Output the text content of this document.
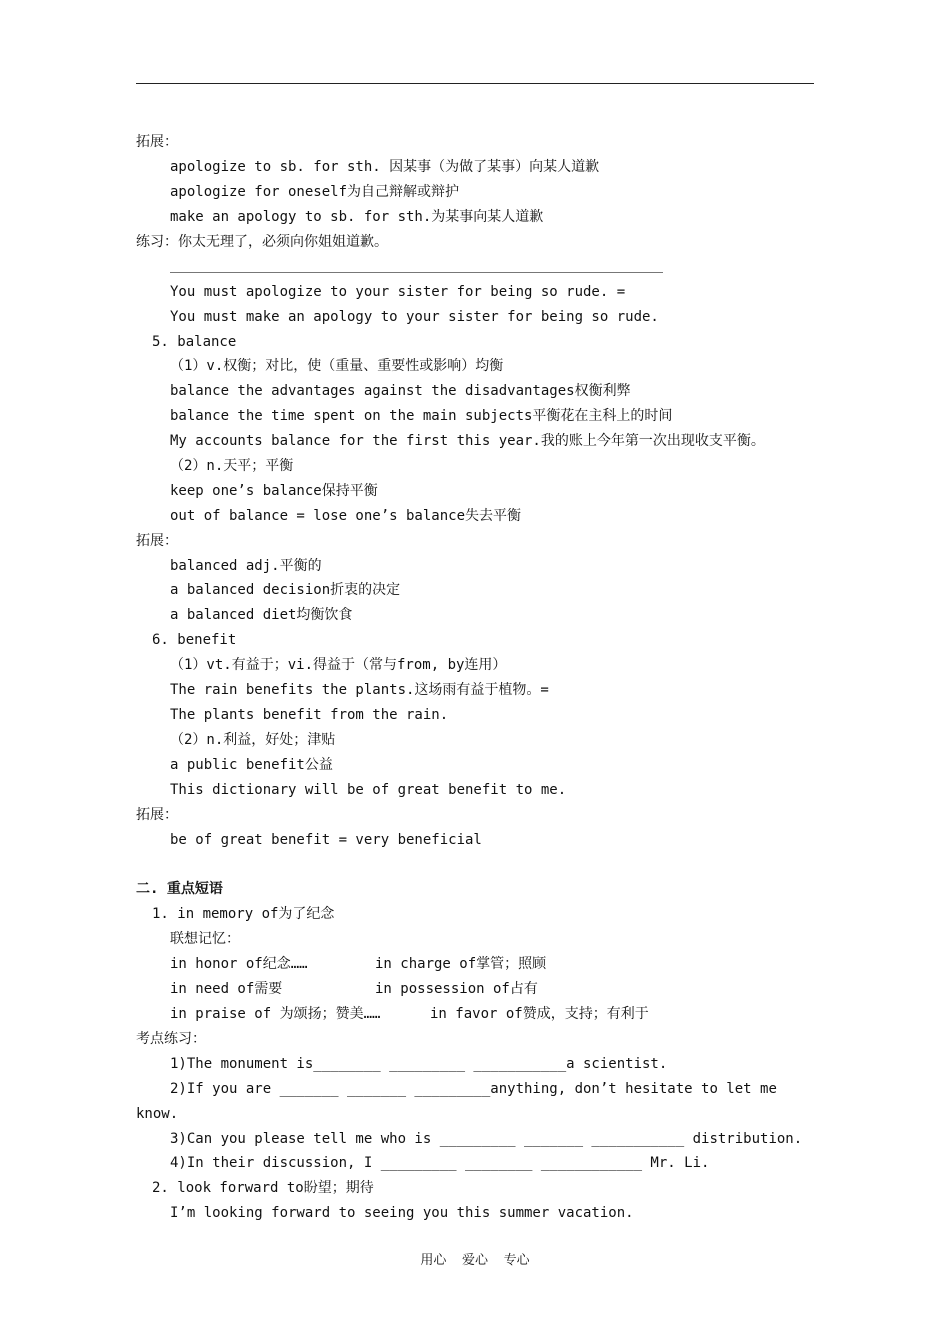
拓展：
apologize to sb. for sth. 因某事（为做了某事）向某人道歉
apologize for oneself为自己辩解或辩护
make an apology to sb. for sth.为某事向某人道歉
练习：你太无理了，必须向你姐姐道歉。
You must apologize to your sister for being so rude. =
You must make an apology to your sister for being so rude.
5. balance
（1）v.权衡；对比，使（重量、重要性或影响）均衡
balance the advantages against the disadvantages权衡利弊
balance the time spent on the main subjects平衡花在主科上的时间
My accounts balance for the first this year.我的账上今年第一次出现收支平衡。
（2）n.天平；平衡
keep one’s balance保持平衡
out of balance = lose one’s balance失去平衡
拓展：
balanced adj.平衡的
a balanced decision折衷的决定
a balanced diet均衡饮食
6. benefit
（1）vt.有益于；vi.得益于（常与from, by连用）
The rain benefits the plants.这场雨有益于植物。=
The plants benefit from the rain.
（2）n.利益，好处；津贴
a public benefit公益
This dictionary will be of great benefit to me.
拓展：
be of great benefit = very beneficial
二. 重点短语
1. in memory of为了纪念
联想记忆：
in honor of纪念……	in charge of掌管；照顾
in need of需要	in possession of占有
in praise of 为颂扬；赞美……	in favor of赞成，支持；有利于
考点练习：
1)The monument is________ _________ ___________a scientist.
2)If you are _______ _______ _________anything, don’t hesitate to let me
know.
3)Can you please tell me who is _________ _______ ___________ distribution.
4)In their discussion, I _________ ________ ____________ Mr. Li.
2. look forward to盼望；期待
I’m looking forward to seeing you this summer vacation.
用心  爱心  专心
